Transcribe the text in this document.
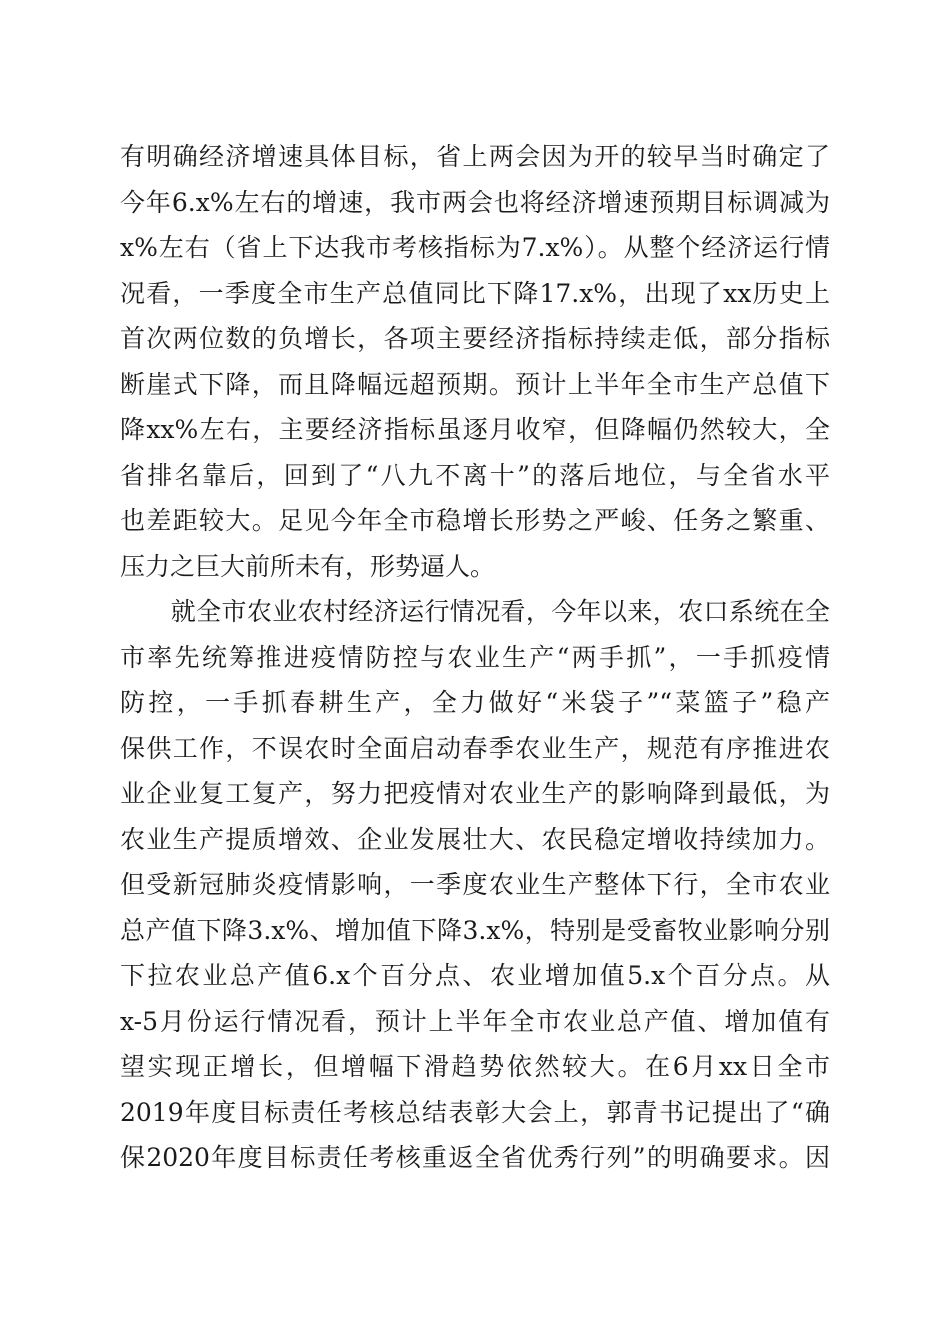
有明确经济增速具体目标，省上两会因为开的较早当时确定了
今年6.x%左右的增速，我市两会也将经济增速预期目标调减为
x%左右（省上下达我市考核指标为7.x%）。从整个经济运行情
况看，一季度全市生产总值同比下降17.x%，出现了xx历史上
首次两位数的负增长，各项主要经济指标持续走低，部分指标
断崖式下降，而且降幅远超预期。预计上半年全市生产总值下
降xx%左右，主要经济指标虽逐月收窄，但降幅仍然较大，全
省排名靠后，回到了“八九不离十”的落后地位，与全省水平
也差距较大。足见今年全市稳增长形势之严峻、任务之繁重、
压力之巨大前所未有，形势逼人。
　　就全市农业农村经济运行情况看，今年以来，农口系统在全
市率先统筹推进疫情防控与农业生产“两手抓”，一手抓疫情
防控，一手抓春耕生产，全力做好“米袋子”“菜篮子”稳产
保供工作，不误农时全面启动春季农业生产，规范有序推进农
业企业复工复产，努力把疫情对农业生产的影响降到最低，为
农业生产提质增效、企业发展壮大、农民稳定增收持续加力。
但受新冠肺炎疫情影响，一季度农业生产整体下行，全市农业
总产值下降3.x%、增加值下降3.x%，特别是受畜牧业影响分别
下拉农业总产值6.x个百分点、农业增加值5.x个百分点。从
x-5月份运行情况看，预计上半年全市农业总产值、增加值有
望实现正增长，但增幅下滑趋势依然较大。在6月xx日全市
2019年度目标责任考核总结表彰大会上，郭青书记提出了“确
保2020年度目标责任考核重返全省优秀行列”的明确要求。因
